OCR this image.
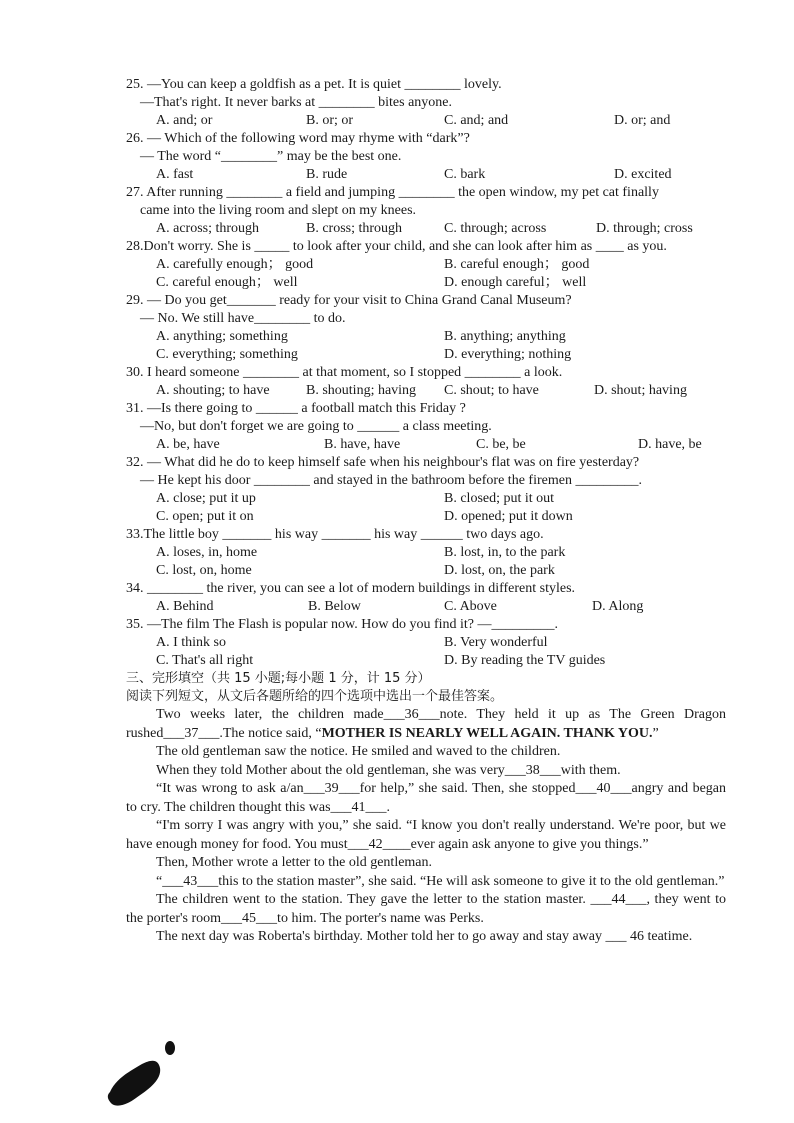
25. —You can keep a goldfish as a pet. It is quiet ________ lovely.
—That's right. It never barks at ________ bites anyone.
A. and; or	B. or; or	C. and; and	D. or; and
26. — Which of the following word may rhyme with “dark”?
— The word “________” may be the best one.
A. fast	B. rude	C. bark	D. excited
27. After running ________ a field and jumping ________ the open window, my pet cat finally
came into the living room and slept on my knees.
A. across; through	B. cross; through	C. through; across	D. through; cross
28.Don't worry. She is _____ to look after your child, and she can look after him as ____ as you.
A. carefully enough； good	B. careful enough； good
C. careful enough； well	D. enough careful； well
29. — Do you get_______ ready for your visit to China Grand Canal Museum?
— No. We still have________ to do.
A. anything; something	B. anything; anything
C. everything; something	D. everything; nothing
30. I heard someone ________ at that moment, so I stopped ________ a look.
A. shouting; to have	B. shouting; having C. shout; to have	D. shout; having
31. —Is there going to ______ a football match this Friday ?
—No, but don't forget we are going to ______ a class meeting.
A. be, have	B. have, have	C. be, be	D. have, be
32. — What did he do to keep himself safe when his neighbour's flat was on fire yesterday?
— He kept his door ________ and stayed in the bathroom before the firemen _________.
A. close; put it up	B. closed; put it out
C. open; put it on	D. opened; put it down
33.The little boy _______ his way _______ his way ______ two days ago.
A. loses, in, home	B. lost, in, to the park
C. lost, on, home	D. lost, on, the park
34. ________ the river, you can see a lot of modern buildings in different styles.
A. Behind	B. Below	C. Above	D. Along
35. —The film The Flash is popular now. How do you find it? —_________.
A. I think so	B. Very wonderful
C. That's all right	D. By reading the TV guides
三、完形填空（共 15 小题;每小题 1 分，计 15 分）
阅读下列短文，从文后各题所给的四个选项中选出一个最佳答案。
Two weeks later, the children made___36___note. They held it up as The Green Dragon rushed___37___.The notice said, “MOTHER IS NEARLY WELL AGAIN. THANK YOU.”
The old gentleman saw the notice. He smiled and waved to the children.
When they told Mother about the old gentleman, she was very___38___with them.
“It was wrong to ask a/an___39___for help,” she said. Then, she stopped___40___angry and began to cry. The children thought this was___41___.
“I'm sorry I was angry with you,” she said. “I know you don't really understand. We're poor, but we have enough money for food. You must___42____ever again ask anyone to give you things.”
Then, Mother wrote a letter to the old gentleman.
“___43___this to the station master”, she said. “He will ask someone to give it to the old gentleman.”
The children went to the station. They gave the letter to the station master. ___44___, they went to the porter's room___45___to him. The porter's name was Perks.
The next day was Roberta's birthday. Mother told her to go away and stay away ___ 46 teatime.
